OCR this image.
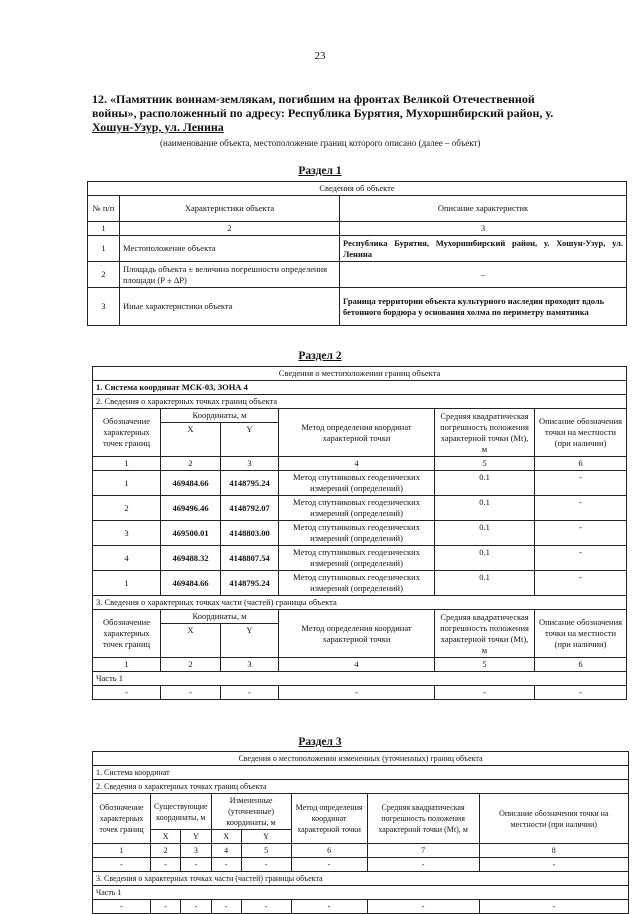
23
12. «Памятник воинам-землякам, погибшим на фронтах Великой Отечественной
войны», расположенный по адресу: Республика Бурятия, Мухоршибирский район, у.
Хошун-Узур, ул. Ленина
(наименование объекта, местоположение границ которого описано (далее – объект)
Раздел 1
Сведения об объекте		
№ п/п	Характеристики объекта	Описание характеристик
1	2	3
1	Местоположение объекта	Республика Бурятия, Мухоршибирский район, у. Хошун-Узур, ул. Ленина
2	Площадь объекта ± величина погрешности определения площади (Р ± ΔР)	–
3	Иные характеристики объекта	Граница территории объекта культурного наследия проходит вдоль бетонного бордюра у основания холма по периметру памятника
Раздел 2
Сведения о местоположении границ объекта					
1. Система координат МСК-03, ЗОНА 4					
2. Сведения о характерных точках границ объекта					
Обозначение характерных точек границ	Координаты, м		Метод определения координат характерной точки	Средняя квадратическая погрешность положения характерной точки (Мt), м	Описание обозначения точки на местности (при наличии)
	X	Y			
1	2	3	4	5	6
1	469484.66	4148795.24	Метод спутниковых геодезических измерений (определений)	0.1	-
2	469496.46	4148792.07	Метод спутниковых геодезических измерений (определений)	0.1	-
3	469500.01	4148803.00	Метод спутниковых геодезических измерений (определений)	0.1	-
4	469488.32	4148807.54	Метод спутниковых геодезических измерений (определений)	0.1	-
1	469484.66	4148795.24	Метод спутниковых геодезических измерений (определений)	0.1	-
3. Сведения о характерных точках части (частей) границы объекта					
Обозначение характерных точек границ	Координаты, м		Метод определения координат характерной точки	Средняя квадратическая погрешность положения характерной точки (Мt), м	Описание обозначения точки на местности (при наличии)
	X	Y			
1	2	3	4	5	6
Часть 1					
-	-	-	-	-	-
Раздел 3
Сведения о местоположении измененных (уточненных) границ объекта							
1. Система координат							
2. Сведения о характерных точках границ объекта							
Обозначение характерных точек границ	Существующие координаты, м		Измененные (уточненные) координаты, м		Метод определения координат характерной точки	Средняя квадратическая погрешность положения характерной точки (Мt), м	Описание обозначения точки на местности (при наличии)
	X	Y	X	Y			
1	2	3	4	5	6	7	8
-	-	-	-	-	-	-	-
3. Сведения о характерных точках части (частей) границы объекта							
Часть 1							
-	-	-	-	-	-	-	-
